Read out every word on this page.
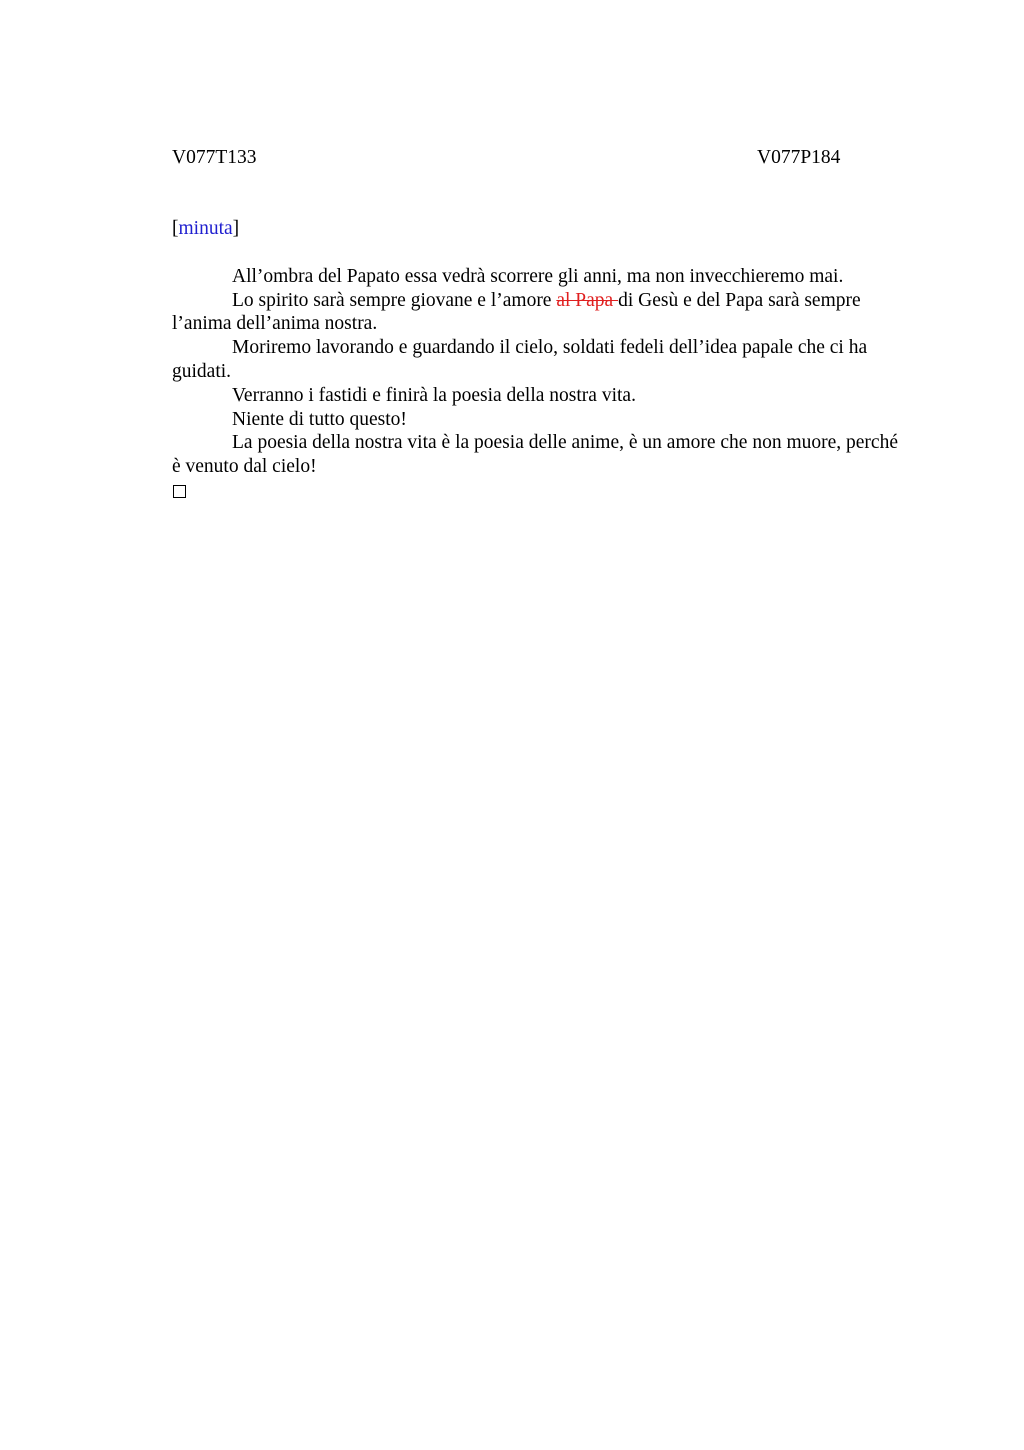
V077T133	V077P184
[minuta]

All’ombra del Papato essa vedrà scorrere gli anni, ma non invecchieremo mai.

Lo spirito sarà sempre giovane e l’amore al Papa di Gesù e del Papa sarà sempre l’anima dell’anima nostra.

Moriremo lavorando e guardando il cielo, soldati fedeli dell’idea papale che ci ha guidati.

Verranno i fastidi e finirà la poesia della nostra vita.

Niente di tutto questo!

La poesia della nostra vita è la poesia delle anime, è un amore che non muore, perché è venuto dal cielo!
